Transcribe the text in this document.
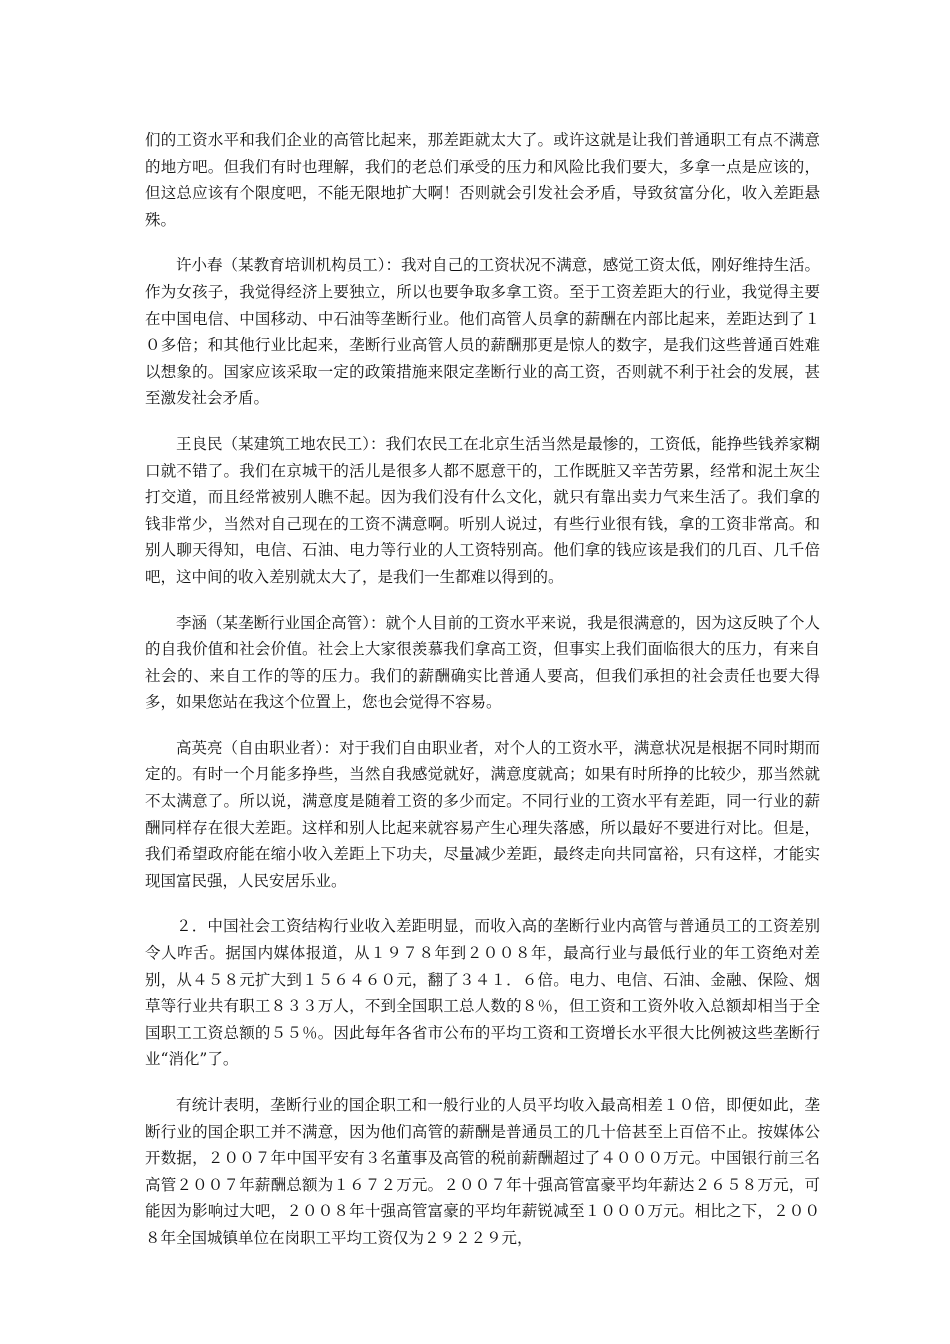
们的工资水平和我们企业的高管比起来，那差距就太大了。或许这就是让我们普通职工有点不满意的地方吧。但我们有时也理解，我们的老总们承受的压力和风险比我们要大，多拿一点是应该的，但这总应该有个限度吧，不能无限地扩大啊！否则就会引发社会矛盾，导致贫富分化，收入差距悬殊。

许小春（某教育培训机构员工）：我对自己的工资状况不满意，感觉工资太低，刚好维持生活。作为女孩子，我觉得经济上要独立，所以也要争取多拿工资。至于工资差距大的行业，我觉得主要在中国电信、中国移动、中石油等垄断行业。他们高管人员拿的薪酬在内部比起来，差距达到了１０多倍；和其他行业比起来，垄断行业高管人员的薪酬那更是惊人的数字，是我们这些普通百姓难以想象的。国家应该采取一定的政策措施来限定垄断行业的高工资，否则就不利于社会的发展，甚至激发社会矛盾。

王良民（某建筑工地农民工）：我们农民工在北京生活当然是最惨的，工资低，能挣些钱养家糊口就不错了。我们在京城干的活儿是很多人都不愿意干的，工作既脏又辛苦劳累，经常和泥土灰尘打交道，而且经常被别人瞧不起。因为我们没有什么文化，就只有靠出卖力气来生活了。我们拿的钱非常少，当然对自己现在的工资不满意啊。听别人说过，有些行业很有钱，拿的工资非常高。和别人聊天得知，电信、石油、电力等行业的人工资特别高。他们拿的钱应该是我们的几百、几千倍吧，这中间的收入差别就太大了，是我们一生都难以得到的。

李涵（某垄断行业国企高管）：就个人目前的工资水平来说，我是很满意的，因为这反映了个人的自我价值和社会价值。社会上大家很羡慕我们拿高工资，但事实上我们面临很大的压力，有来自社会的、来自工作的等的压力。我们的薪酬确实比普通人要高，但我们承担的社会责任也要大得多，如果您站在我这个位置上，您也会觉得不容易。

高英亮（自由职业者）：对于我们自由职业者，对个人的工资水平，满意状况是根据不同时期而定的。有时一个月能多挣些，当然自我感觉就好，满意度就高；如果有时所挣的比较少，那当然就不太满意了。所以说，满意度是随着工资的多少而定。不同行业的工资水平有差距，同一行业的薪酬同样存在很大差距。这样和别人比起来就容易产生心理失落感，所以最好不要进行对比。但是，我们希望政府能在缩小收入差距上下功夫，尽量减少差距，最终走向共同富裕，只有这样，才能实现国富民强，人民安居乐业。

２．中国社会工资结构行业收入差距明显，而收入高的垄断行业内高管与普通员工的工资差别令人咋舌。据国内媒体报道，从１９７８年到２００８年，最高行业与最低行业的年工资绝对差别，从４５８元扩大到１５６４６０元，翻了３４１．６倍。电力、电信、石油、金融、保险、烟草等行业共有职工８３３万人，不到全国职工总人数的８％，但工资和工资外收入总额却相当于全国职工工资总额的５５％。因此每年各省市公布的平均工资和工资增长水平很大比例被这些垄断行业“消化”了。

有统计表明，垄断行业的国企职工和一般行业的人员平均收入最高相差１０倍，即便如此，垄断行业的国企职工并不满意，因为他们高管的薪酬是普通员工的几十倍甚至上百倍不止。按媒体公开数据，２００７年中国平安有３名董事及高管的税前薪酬超过了４０００万元。中国银行前三名高管２００７年薪酬总额为１６７２万元。２００７年十强高管富豪平均年薪达２６５８万元，可能因为影响过大吧，２００８年十强高管富豪的平均年薪锐减至１０００万元。相比之下，２００８年全国城镇单位在岗职工平均工资仅为２９２２９元，
